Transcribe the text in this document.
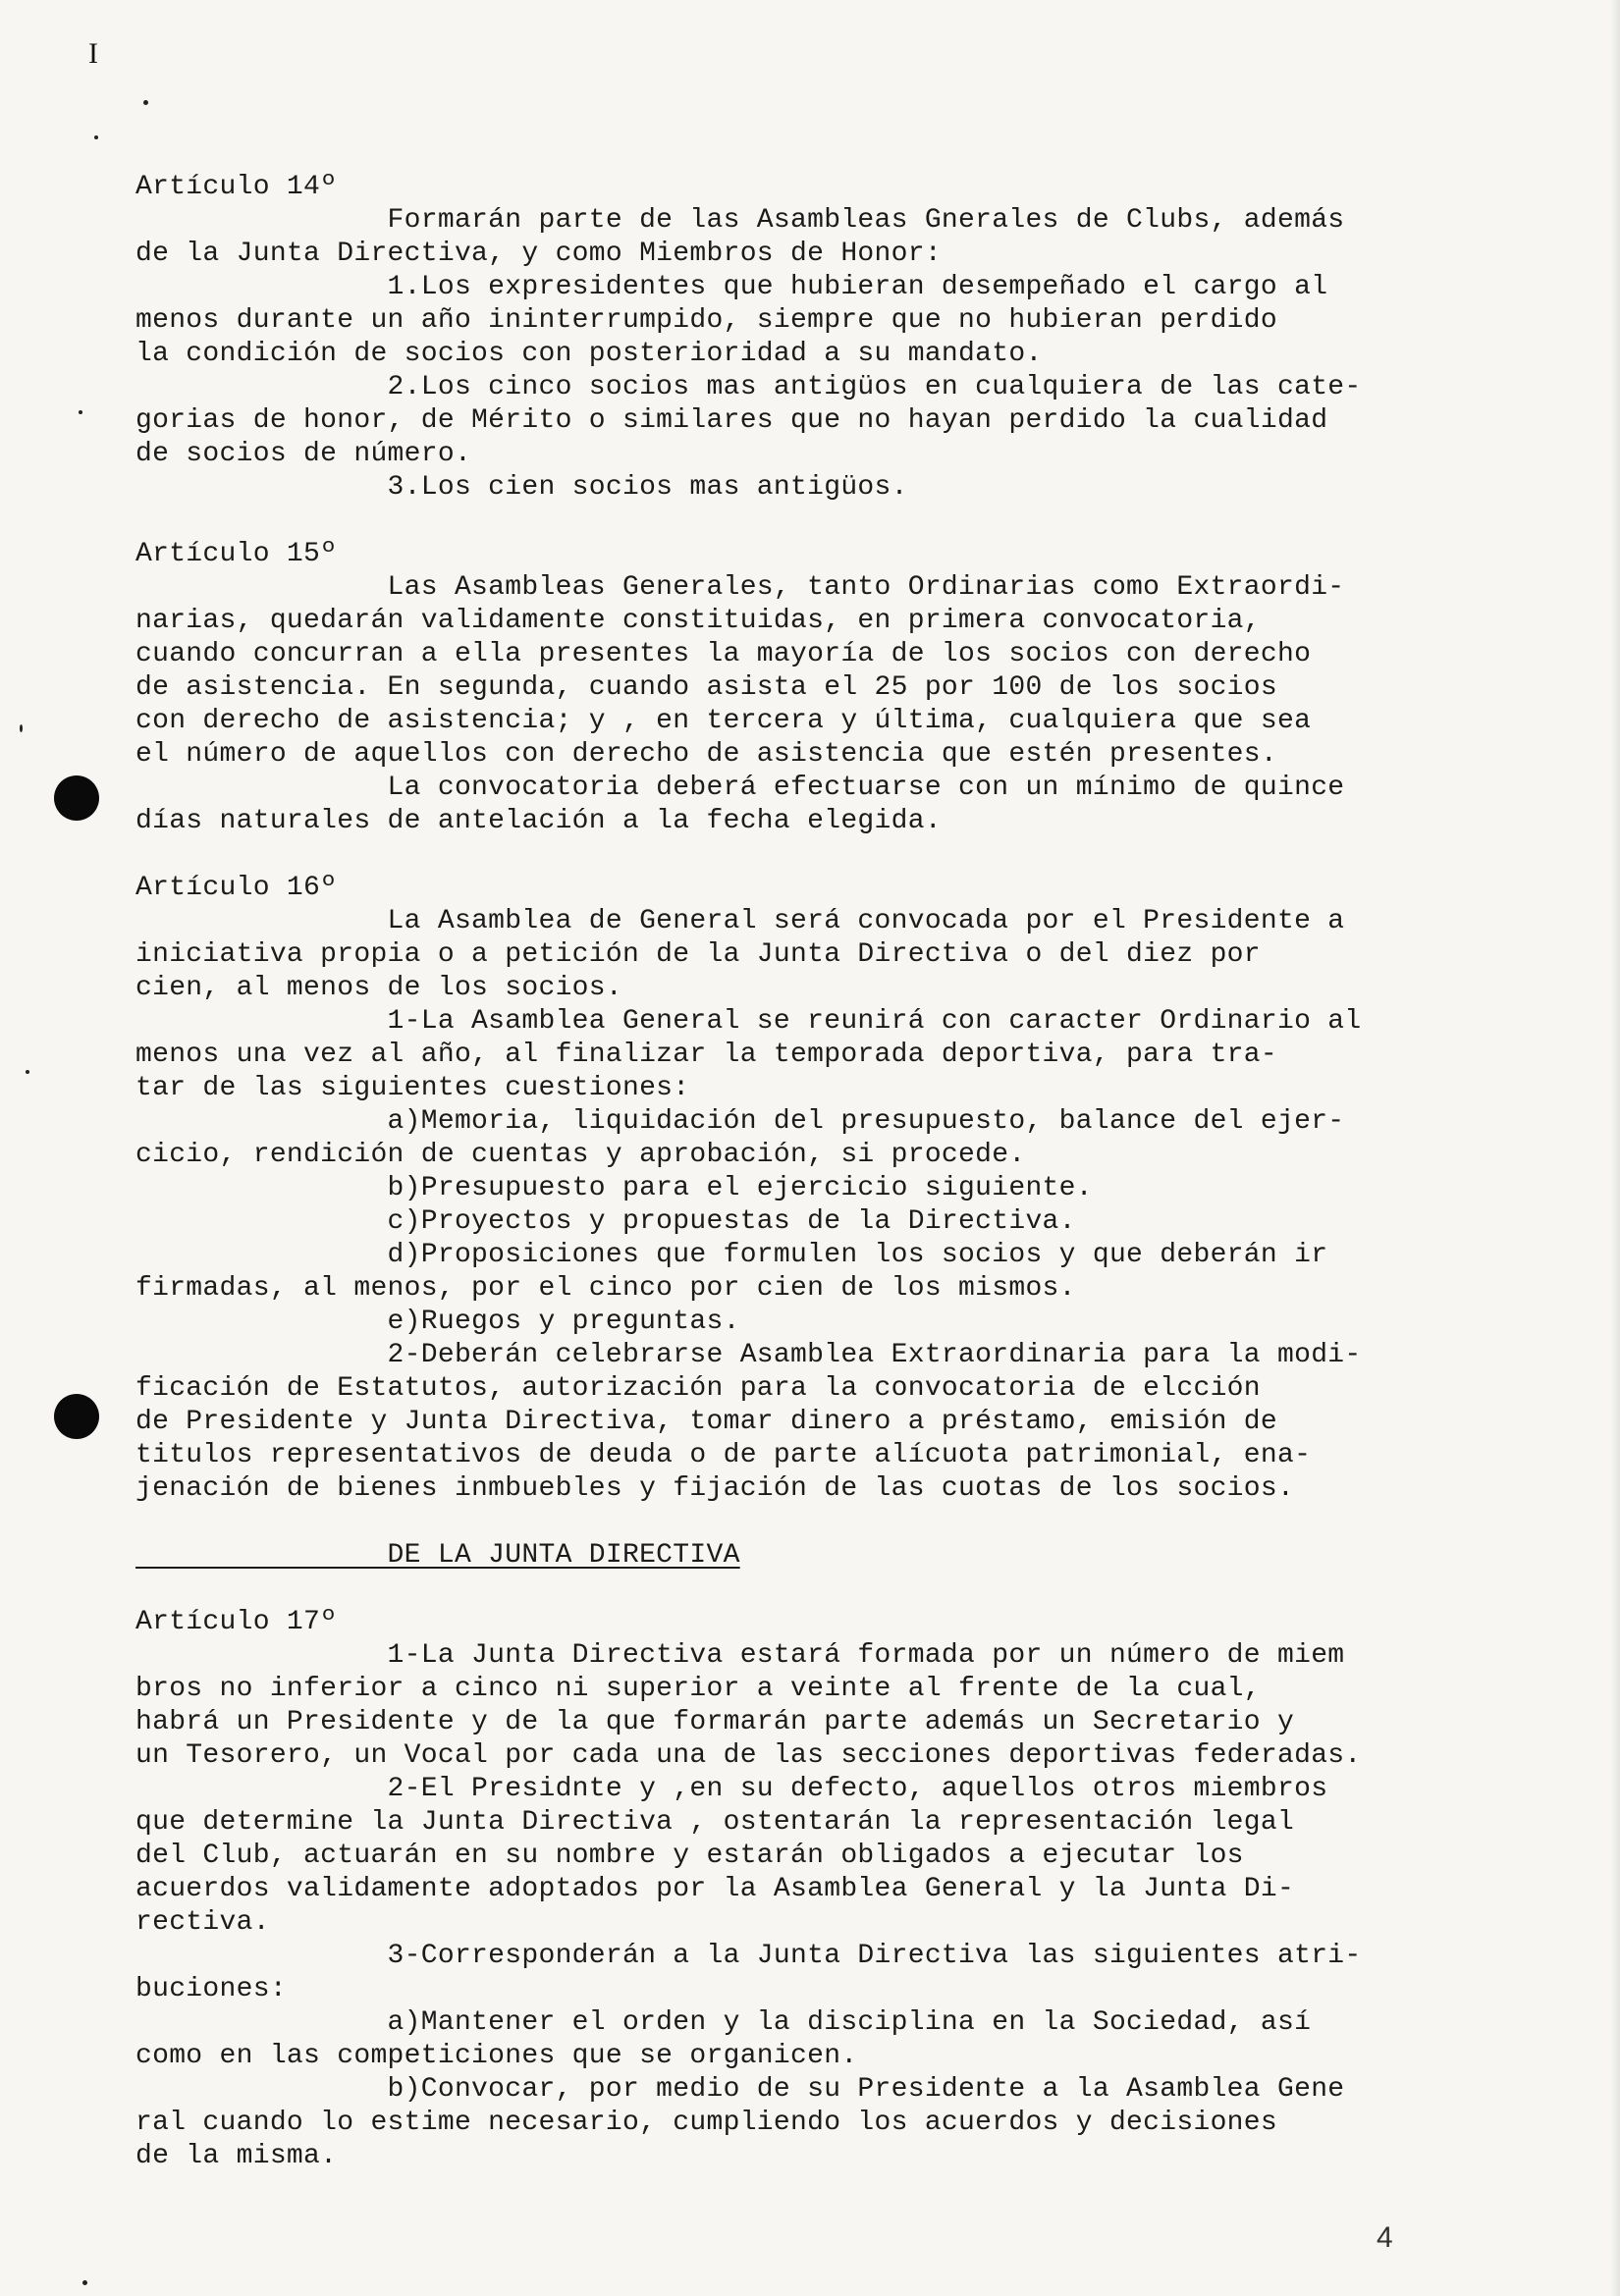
I
Artículo 14º
Formarán parte de las Asambleas Gnerales de Clubs, además
de la Junta Directiva, y como Miembros de Honor:
1.Los expresidentes que hubieran desempeñado el cargo al
menos durante un año ininterrumpido, siempre que no hubieran perdido
la condición de socios con posterioridad a su mandato.
2.Los cinco socios mas antigüos en cualquiera de las cate-
gorias de honor, de Mérito o similares que no hayan perdido la cualidad
de socios de número.
3.Los cien socios mas antigüos.
Artículo 15º
Las Asambleas Generales, tanto Ordinarias como Extraordi-
narias, quedarán validamente constituidas, en primera convocatoria,
cuando concurran a ella presentes la mayoría de los socios con derecho
de asistencia. En segunda, cuando asista el 25 por 100 de los socios
con derecho de asistencia; y , en tercera y última, cualquiera que sea
el número de aquellos con derecho de asistencia que estén presentes.
La convocatoria deberá efectuarse con un mínimo de quince
días naturales de antelación a la fecha elegida.
Artículo 16º
La Asamblea de General será convocada por el Presidente a
iniciativa propia o a petición de la Junta Directiva o del diez por
cien, al menos de los socios.
1-La Asamblea General se reunirá con caracter Ordinario al
menos una vez al año, al finalizar la temporada deportiva, para tra-
tar de las siguientes cuestiones:
a)Memoria, liquidación del presupuesto, balance del ejer-
cicio, rendición de cuentas y aprobación, si procede.
b)Presupuesto para el ejercicio siguiente.
c)Proyectos y propuestas de la Directiva.
d)Proposiciones que formulen los socios y que deberán ir
firmadas, al menos, por el cinco por cien de los mismos.
e)Ruegos y preguntas.
2-Deberán celebrarse Asamblea Extraordinaria para la modi-
ficación de Estatutos, autorización para la convocatoria de elcción
de Presidente y Junta Directiva, tomar dinero a préstamo, emisión de
titulos representativos de deuda o de parte alícuota patrimonial, ena-
jenación de bienes inmbuebles y fijación de las cuotas de los socios.
DE LA JUNTA DIRECTIVA
Artículo 17º
1-La Junta Directiva estará formada por un número de miem
bros no inferior a cinco ni superior a veinte al frente de la cual,
habrá un Presidente y de la que formarán parte además un Secretario y
un Tesorero, un Vocal por cada una de las secciones deportivas federadas.
2-El Presidnte y ,en su defecto, aquellos otros miembros
que determine la Junta Directiva , ostentarán la representación legal
del Club, actuarán en su nombre y estarán obligados a ejecutar los
acuerdos validamente adoptados por la Asamblea General y la Junta Di-
rectiva.
3-Corresponderán a la Junta Directiva las siguientes atri-
buciones:
a)Mantener el orden y la disciplina en la Sociedad, así
como en las competiciones que se organicen.
b)Convocar, por medio de su Presidente a la Asamblea Gene
ral cuando lo estime necesario, cumpliendo los acuerdos y decisiones
de la misma.
4
